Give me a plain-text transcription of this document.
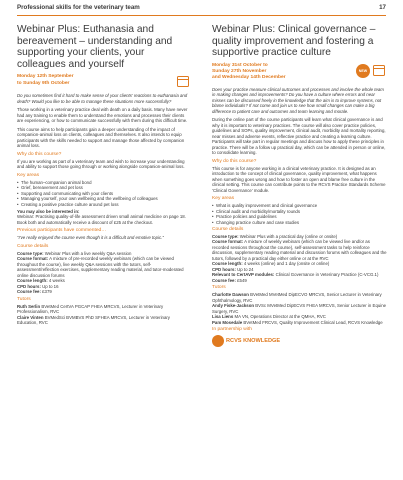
Professional skills for the veterinary team	17
Webinar Plus: Euthanasia and bereavement – understanding and supporting your clients, your colleagues and yourself
Monday 12th September
to Sunday 9th October

Do you sometimes find it hard to make sense of your clients’ reactions to euthanasia and death? Would you like to be able to manage these situations more successfully?

Those working in a veterinary practice deal with death on a daily basis. Many have never had any training to enable them to understand the emotions and processes their clients are experiencing, or how to communicate successfully with them during this difficult time.

This course aims to help participants gain a deeper understanding of the impact of companion-animal loss on clients, colleagues and themselves. It also intends to equip participants with the skills needed to support and manage those affected by companion animal loss.

Why do this course?

If you are working as part of a veterinary team and wish to increase your understanding and ability to support those going through or working alongside companion-animal loss.

Key areas
• The human–companion animal bond
• Grief, bereavement and pet loss
• Supporting and communicating with your clients
• Managing yourself, your own wellbeing and the wellbeing of colleagues
• Creating a positive practice culture around pet loss

You may also be interested in:

Webinar: Practising quality-of-life assessment driven small animal medicine on page 18. Book both and automatically receive a discount of £25 at the checkout.

Previous participants have commented…

“I’ve really enjoyed the course even though it is a difficult and emotive topic.”

Course details

Course type: Webinar Plus with a live weekly Q&A session

Course format: A mixture of pre-recorded weekly webinars (which can be viewed throughout the course), live weekly Q&A sessions with the tutors, self-assessment/reflection exercises, supplementary reading material, and tutor-moderated online discussion forums

Course length: 4 weeks

CPD hours: Up to 16

Course fee: £379

Tutors

Ruth Serlin BVetMed CertVA PGCAP FHEA MRCVS, Lecturer in Veterinary Professionalism, RVC

Claire Vinten BVMedSci BVMBVS PhD SFHEA MRCVS, Lecturer in Veterinary Education, RVC

Webinar Plus: Clinical governance – quality improvement and fostering a supportive practice culture
Monday 31st October to
Sunday 27th November
and Wednesday 14th December
NEW

Does your practice measure clinical outcomes and processes and involve the whole team in making changes and improvements? Do you have a culture where errors and near misses can be discussed freely in the knowledge that the aim is to improve systems, not blame individuals? If not come and join us to see how small changes can make a big difference to patient care and outcomes and team learning and morale.

During the online part of the course participants will learn what clinical governance is and why it is important to veterinary practices. The course will also cover practice policies, guidelines and SOPs, quality improvement, clinical audit, morbidity and mortality reporting, near misses and adverse events, reflective practice and creating a learning culture. Participants will take part in regular meetings and discuss how to apply these principles in practice. There will be a follow up practical day, which can be attended in person or online, to consolidate learning.

Why do this course?

This course is for anyone working in a clinical veterinary practice. It is designed as an introduction to the concept of clinical governance, quality improvement, what happens when something goes wrong and how to foster an open and blame free culture in the clinical setting. This course can contribute points to the RCVS Practice Standards Scheme ‘Clinical Governance’ module.

Key areas
• What is quality improvement and clinical governance
• Clinical audit and morbidity/mortality rounds
• Practice policies and guidelines
• Changing practice culture and case studies
Course details

Course type: Webinar Plus with a practical day (online or onsite)

Course format: A mixture of weekly webinars (which can be viewed live and/or as recorded sessions throughout the course), self-assessment tasks to help reinforce discussion, supplementary reading material and discussion forums with colleagues and the tutors, followed by a practical day either online or at the RVC

Course length: 4 weeks (online) and 1 day (onsite or online)

CPD hours: Up to 24

Relevant to CertAVP modules: Clinical Governance in Veterinary Practice (C-VCG.1)

Course fee: £549

Tutors

Charlotte Dawson BVetMed MVetMed DipECVO MRCVS, Senior Lecturer in Veterinary Ophthalmology, RVC

Andy Fiske-Jackson BVSc MVetMed DipECVS FHEA MRCVS, Senior Lecturer in Equine Surgery, RVC

Lisa Liens MA VN, Operations Director at the QMHA, RVC

Pam Mosedale BVetMed FRCVS, Quality Improvement Clinical Lead, RCVS Knowledge

In partnership with
RCVS KNOWLEDGE
